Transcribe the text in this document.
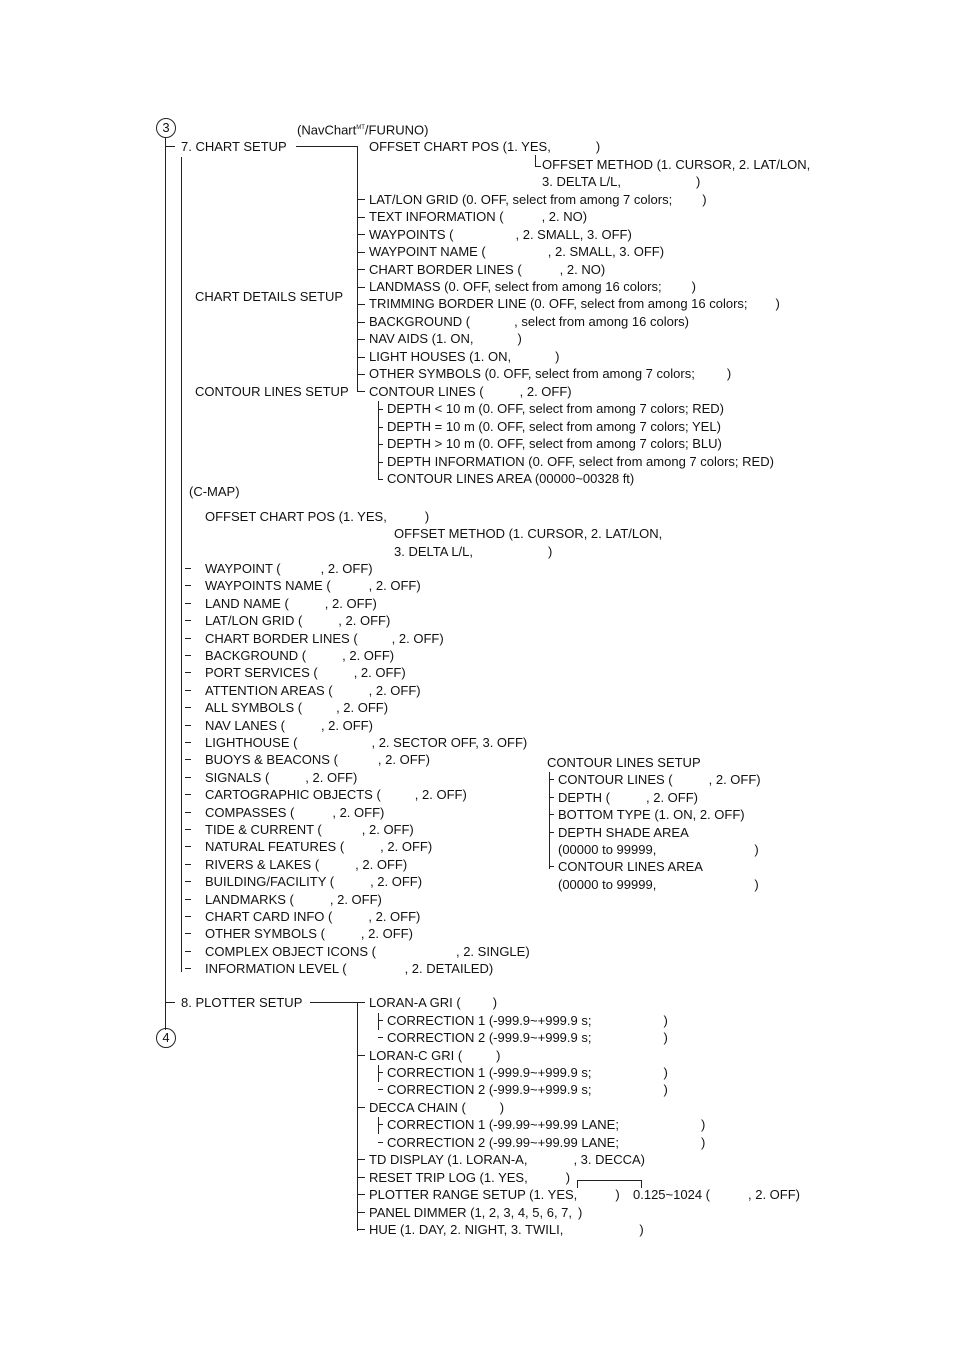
3	(NavChart$^{MT}$/FURUNO)
7. CHART SETUP	OFFSET CHART POS (1. YES,	)
OFFSET METHOD (1. CURSOR, 2. LAT/LON,
3. DELTA L/L,	)
LAT/LON GRID (0. OFF, select from among 7 colors; )
TEXT INFORMATION (	, 2. NO)
WAYPOINTS (	, 2. SMALL, 3. OFF)
WAYPOINT NAME (	, 2. SMALL, 3. OFF)
CHART BORDER LINES (	, 2. NO)
LANDMASS (0. OFF, select from among 16 colors; )
TRIMMING BORDER LINE (0. OFF, select from among 16 colors; )
BACKGROUND (	, select from among 16 colors)
NAV AIDS (1. ON,	)
LIGHT HOUSES (1. ON,	)
OTHER SYMBOLS (0. OFF, select from among 7 colors; )
CHART DETAILS SETUP
CONTOUR LINES SETUP CONTOUR LINES (	, 2. OFF)
DEPTH < 10 m (0. OFF, select from among 7 colors; RED)
DEPTH = 10 m (0. OFF, select from among 7 colors; YEL)
DEPTH > 10 m (0. OFF, select from among 7 colors; BLU)
DEPTH INFORMATION (0. OFF, select from among 7 colors; RED)
CONTOUR LINES AREA (00000~00328 ft)
(C-MAP)
OFFSET CHART POS (1. YES,	)
OFFSET METHOD (1. CURSOR, 2. LAT/LON,
3. DELTA L/L,	)
WAYPOINT (	, 2. OFF)
WAYPOINTS NAME (	, 2. OFF)
LAND NAME (	, 2. OFF)
LAT/LON GRID (	, 2. OFF)
CHART BORDER LINES (	, 2. OFF)
BACKGROUND (	, 2. OFF)
PORT SERVICES (	, 2. OFF)
ATTENTION AREAS (	, 2. OFF)
ALL SYMBOLS (	, 2. OFF)
NAV LANES (	, 2. OFF)
LIGHTHOUSE (	, 2. SECTOR OFF, 3. OFF)
BUOYS & BEACONS (	, 2. OFF)
SIGNALS (	, 2. OFF)
CARTOGRAPHIC OBJECTS (	, 2. OFF)
COMPASSES (	, 2. OFF)
TIDE & CURRENT (	, 2. OFF)
NATURAL FEATURES (	, 2. OFF)
RIVERS & LAKES (	, 2. OFF)
BUILDING/FACILITY (	, 2. OFF)
LANDMARKS (	, 2. OFF)
CHART CARD INFO (	, 2. OFF)
OTHER SYMBOLS (	, 2. OFF)
COMPLEX OBJECT ICONS (	, 2. SINGLE)
INFORMATION LEVEL (	, 2. DETAILED)
CONTOUR LINES SETUP
CONTOUR LINES (	, 2. OFF)
DEPTH (	, 2. OFF)
BOTTOM TYPE (1. ON, 2. OFF)
DEPTH SHADE AREA
(00000 to 99999,	)
CONTOUR LINES AREA
(00000 to 99999,	)
8. PLOTTER SETUP
4
LORAN-A GRI ( )
CORRECTION 1 (-999.9~+999.9 s;	)
CORRECTION 2 (-999.9~+999.9 s;	)
LORAN-C GRI (	)
CORRECTION 1 (-999.9~+999.9 s;	)
CORRECTION 2 (-999.9~+999.9 s;	)
DECCA CHAIN (	)
CORRECTION 1 (-99.99~+99.99 LANE;	)
CORRECTION 2 (-99.99~+99.99 LANE;	)
TD DISPLAY (1. LORAN-A,	, 3. DECCA)
RESET TRIP LOG (1. YES,	)
PLOTTER RANGE SETUP (1. YES,	)
PANEL DIMMER (1, 2, 3, 4, 5, 6, 7, )
HUE (1. DAY, 2. NIGHT, 3. TWILI,	)
0.125~1024 (	, 2. OFF)
